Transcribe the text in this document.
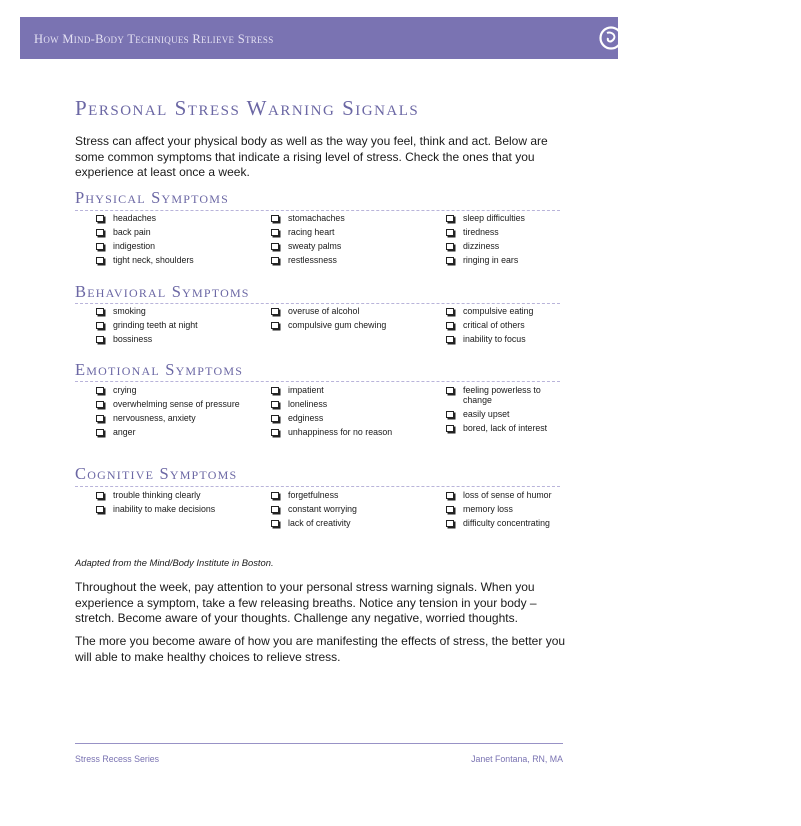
How Mind-Body Techniques Relieve Stress	Spectrum LifeWorks
Personal Stress Warning Signals

Stress can affect your physical body as well as the way you feel, think and act. Below are some common symptoms that indicate a rising level of stress. Check the ones that you experience at least once a week.

Physical Symptoms
headaches
back pain
indigestion
tight neck, shoulders
stomachaches
racing heart
sweaty palms
restlessness
sleep difficulties
tiredness
dizziness
ringing in ears
Behavioral Symptoms
smoking
grinding teeth at night
bossiness
overuse of alcohol
compulsive gum chewing
compulsive eating
critical of others
inability to focus
Emotional Symptoms
crying
overwhelming sense of pressure
nervousness, anxiety
anger
impatient
loneliness
edginess
unhappiness for no reason
feeling powerless to change
easily upset
bored, lack of interest
Cognitive Symptoms
trouble thinking clearly
inability to make decisions
forgetfulness
constant worrying
lack of creativity
loss of sense of humor
memory loss
difficulty concentrating

Adapted from the Mind/Body Institute in Boston.

Throughout the week, pay attention to your personal stress warning signals. When you experience a symptom, take a few releasing breaths. Notice any tension in your body – stretch. Become aware of your thoughts. Challenge any negative, worried thoughts.

The more you become aware of how you are manifesting the effects of stress, the better you will able to make healthy choices to relieve stress.

Stress Recess Series	Janet Fontana, RN, MA
